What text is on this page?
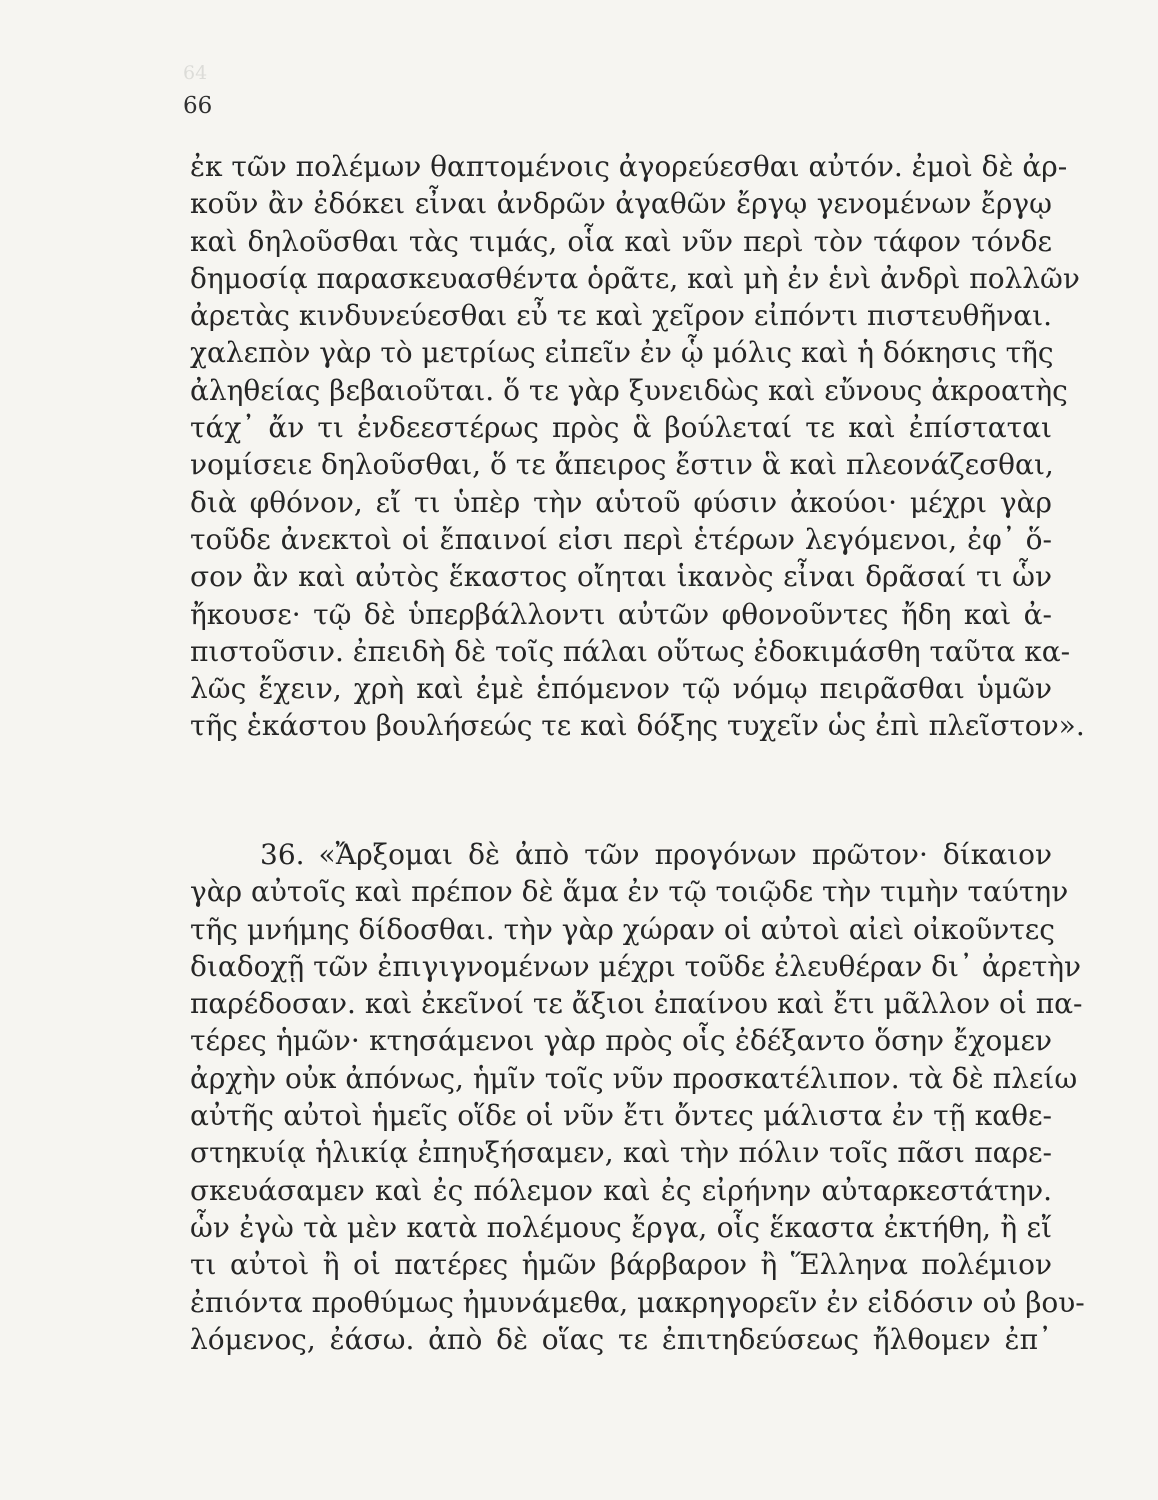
64
66
ἐκ τῶν πολέμων θαπτομένοις ἀγορεύεσθαι αὐτόν. ἐμοὶ δὲ ἀρ-
κοῦν ἂν ἐδόκει εἶναι ἀνδρῶν ἀγαθῶν ἔργῳ γενομένων ἔργῳ
καὶ δηλοῦσθαι τὰς τιμάς, οἷα καὶ νῦν περὶ τὸν τάφον τόνδε
δημοσίᾳ παρασκευασθέντα ὁρᾶτε, καὶ μὴ ἐν ἑνὶ ἀνδρὶ πολλῶν
ἀρετὰς κινδυνεύεσθαι εὖ τε καὶ χεῖρον εἰπόντι πιστευθῆναι.
χαλεπὸν γὰρ τὸ μετρίως εἰπεῖν ἐν ᾧ μόλις καὶ ἡ δόκησις τῆς
ἀληθείας βεβαιοῦται. ὅ τε γὰρ ξυνειδὼς καὶ εὔνους ἀκροατὴς
τάχ᾽ ἄν τι ἐνδεεστέρως πρὸς ἃ βούλεταί τε καὶ ἐπίσταται
νομίσειε δηλοῦσθαι, ὅ τε ἄπειρος ἔστιν ἃ καὶ πλεονάζεσθαι,
διὰ φθόνον, εἴ τι ὑπὲρ τὴν αὑτοῦ φύσιν ἀκούοι· μέχρι γὰρ
τοῦδε ἀνεκτοὶ οἱ ἔπαινοί εἰσι περὶ ἑτέρων λεγόμενοι, ἐφ᾽ ὅ-
σον ἂν καὶ αὐτὸς ἕκαστος οἴηται ἱκανὸς εἶναι δρᾶσαί τι ὧν
ἤκουσε· τῷ δὲ ὑπερβάλλοντι αὐτῶν φθονοῦντες ἤδη καὶ ἀ-
πιστοῦσιν. ἐπειδὴ δὲ τοῖς πάλαι οὕτως ἐδοκιμάσθη ταῦτα κα-
λῶς ἔχειν, χρὴ καὶ ἐμὲ ἑπόμενον τῷ νόμῳ πειρᾶσθαι ὑμῶν
τῆς ἑκάστου βουλήσεώς τε καὶ δόξης τυχεῖν ὡς ἐπὶ πλεῖστον».
36. «Ἄρξομαι δὲ ἀπὸ τῶν προγόνων πρῶτον· δίκαιον
γὰρ αὐτοῖς καὶ πρέπον δὲ ἅμα ἐν τῷ τοιῷδε τὴν τιμὴν ταύτην
τῆς μνήμης δίδοσθαι. τὴν γὰρ χώραν οἱ αὐτοὶ αἰεὶ οἰκοῦντες
διαδοχῇ τῶν ἐπιγιγνομένων μέχρι τοῦδε ἐλευθέραν δι᾽ ἀρετὴν
παρέδοσαν. καὶ ἐκεῖνοί τε ἄξιοι ἐπαίνου καὶ ἔτι μᾶλλον οἱ πα-
τέρες ἡμῶν· κτησάμενοι γὰρ πρὸς οἷς ἐδέξαντο ὅσην ἔχομεν
ἀρχὴν οὐκ ἀπόνως, ἡμῖν τοῖς νῦν προσκατέλιπον. τὰ δὲ πλείω
αὐτῆς αὐτοὶ ἡμεῖς οἵδε οἱ νῦν ἔτι ὄντες μάλιστα ἐν τῇ καθε-
στηκυίᾳ ἡλικίᾳ ἐπηυξήσαμεν, καὶ τὴν πόλιν τοῖς πᾶσι παρε-
σκευάσαμεν καὶ ἐς πόλεμον καὶ ἐς εἰρήνην αὐταρκεστάτην.
ὧν ἐγὼ τὰ μὲν κατὰ πολέμους ἔργα, οἷς ἕκαστα ἐκτήθη, ἢ εἴ
τι αὐτοὶ ἢ οἱ πατέρες ἡμῶν βάρβαρον ἢ Ἕλληνα πολέμιον
ἐπιόντα προθύμως ἠμυνάμεθα, μακρηγορεῖν ἐν εἰδόσιν οὐ βου-
λόμενος, ἐάσω. ἀπὸ δὲ οἵας τε ἐπιτηδεύσεως ἤλθομεν ἐπ᾽
